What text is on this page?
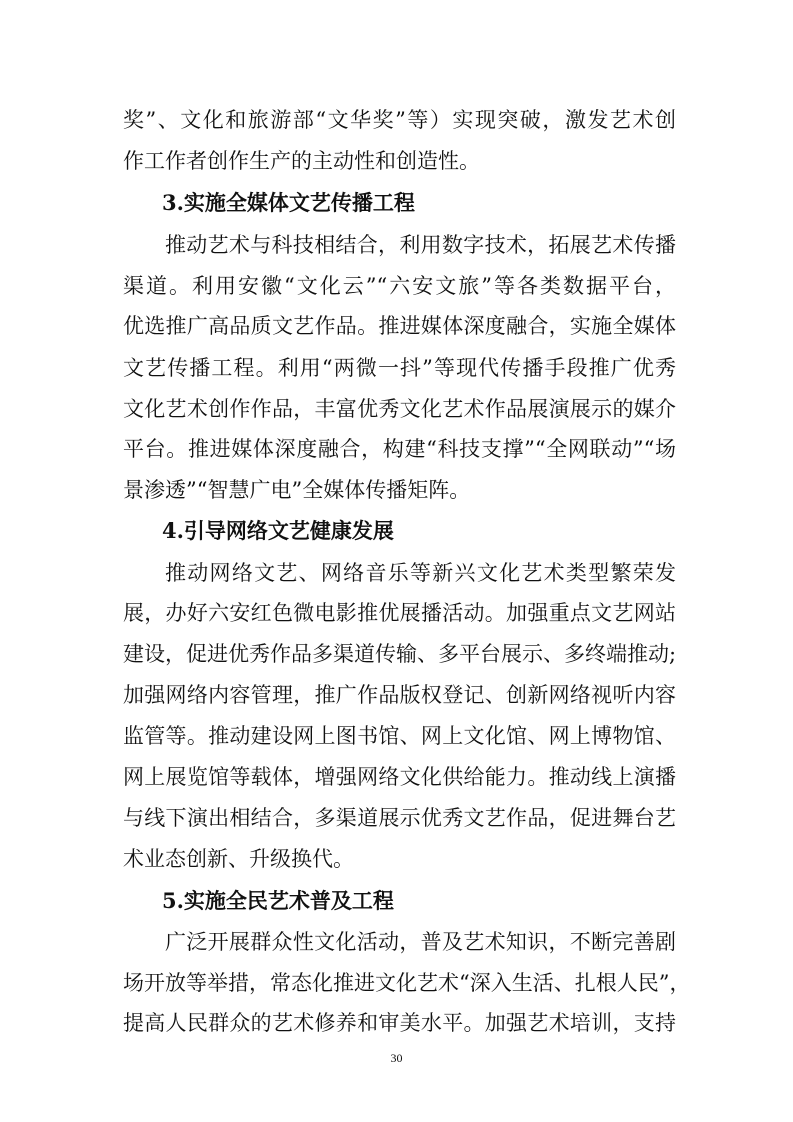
奖”、文化和旅游部“文华奖”等）实现突破，激发艺术创
作工作者创作生产的主动性和创造性。
3.实施全媒体文艺传播工程
推动艺术与科技相结合，利用数字技术，拓展艺术传播
渠道。利用安徽“文化云”“六安文旅”等各类数据平台，
优选推广高品质文艺作品。推进媒体深度融合，实施全媒体
文艺传播工程。利用“两微一抖”等现代传播手段推广优秀
文化艺术创作作品，丰富优秀文化艺术作品展演展示的媒介
平台。推进媒体深度融合，构建“科技支撑”“全网联动”“场
景渗透”“智慧广电”全媒体传播矩阵。
4.引导网络文艺健康发展
推动网络文艺、网络音乐等新兴文化艺术类型繁荣发
展，办好六安红色微电影推优展播活动。加强重点文艺网站
建设，促进优秀作品多渠道传输、多平台展示、多终端推动;
加强网络内容管理，推广作品版权登记、创新网络视听内容
监管等。推动建设网上图书馆、网上文化馆、网上博物馆、
网上展览馆等载体，增强网络文化供给能力。推动线上演播
与线下演出相结合，多渠道展示优秀文艺作品，促进舞台艺
术业态创新、升级换代。
5.实施全民艺术普及工程
广泛开展群众性文化活动，普及艺术知识，不断完善剧
场开放等举措，常态化推进文化艺术“深入生活、扎根人民”，
提高人民群众的艺术修养和审美水平。加强艺术培训，支持
30
